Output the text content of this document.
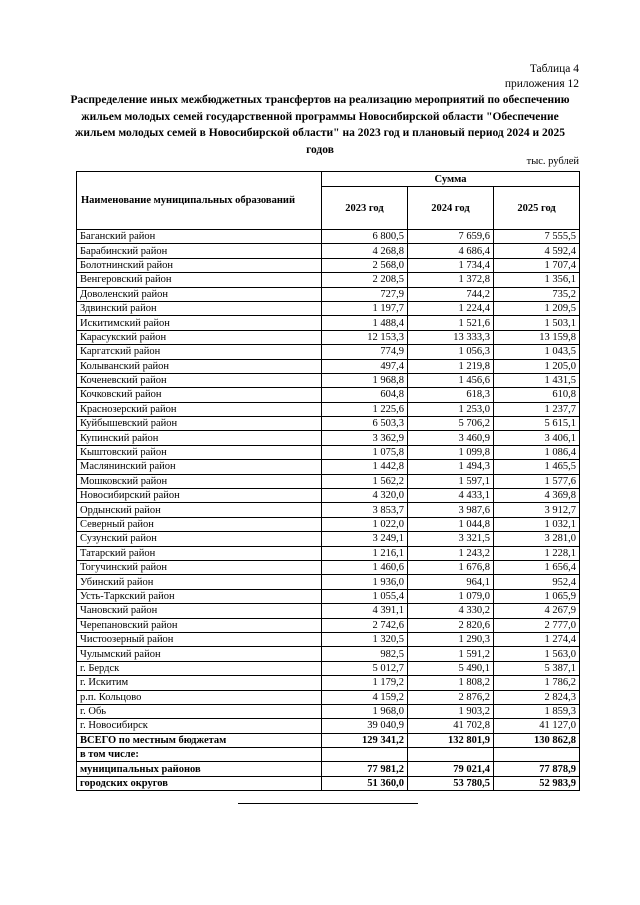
Таблица 4
приложения 12

Распределение иных межбюджетных трансфертов на реализацию мероприятий по обеспечению жильем молодых семей государственной программы Новосибирской области "Обеспечение жильем молодых семей в Новосибирской области" на 2023 год и плановый период 2024 и 2025 годов

тыс. рублей
Наименование муниципальных образований	Сумма		
	2023 год	2024 год	2025 год
Баганский район	6 800,5	7 659,6	7 555,5
Барабинский район	4 268,8	4 686,4	4 592,4
Болотнинский район	2 568,0	1 734,4	1 707,4
Венгеровский район	2 208,5	1 372,8	1 356,1
Доволенский район	727,9	744,2	735,2
Здвинский район	1 197,7	1 224,4	1 209,5
Искитимский район	1 488,4	1 521,6	1 503,1
Карасукский район	12 153,3	13 333,3	13 159,8
Каргатский район	774,9	1 056,3	1 043,5
Колыванский район	497,4	1 219,8	1 205,0
Коченевский район	1 968,8	1 456,6	1 431,5
Кочковский район	604,8	618,3	610,8
Краснозерский район	1 225,6	1 253,0	1 237,7
Куйбышевский район	6 503,3	5 706,2	5 615,1
Купинский район	3 362,9	3 460,9	3 406,1
Кыштовский район	1 075,8	1 099,8	1 086,4
Маслянинский район	1 442,8	1 494,3	1 465,5
Мошковский район	1 562,2	1 597,1	1 577,6
Новосибирский район	4 320,0	4 433,1	4 369,8
Ордынский район	3 853,7	3 987,6	3 912,7
Северный район	1 022,0	1 044,8	1 032,1
Сузунский район	3 249,1	3 321,5	3 281,0
Татарский район	1 216,1	1 243,2	1 228,1
Тогучинский район	1 460,6	1 676,8	1 656,4
Убинский район	1 936,0	964,1	952,4
Усть-Таркский район	1 055,4	1 079,0	1 065,9
Чановский район	4 391,1	4 330,2	4 267,9
Черепановский район	2 742,6	2 820,6	2 777,0
Чистоозерный район	1 320,5	1 290,3	1 274,4
Чулымский район	982,5	1 591,2	1 563,0
г. Бердск	5 012,7	5 490,1	5 387,1
г. Искитим	1 179,2	1 808,2	1 786,2
р.п. Кольцово	4 159,2	2 876,2	2 824,3
г. Обь	1 968,0	1 903,2	1 859,3
г. Новосибирск	39 040,9	41 702,8	41 127,0
ВСЕГО по местным бюджетам	129 341,2	132 801,9	130 862,8
в том числе:			
муниципальных районов	77 981,2	79 021,4	77 878,9
городских округов	51 360,0	53 780,5	52 983,9
